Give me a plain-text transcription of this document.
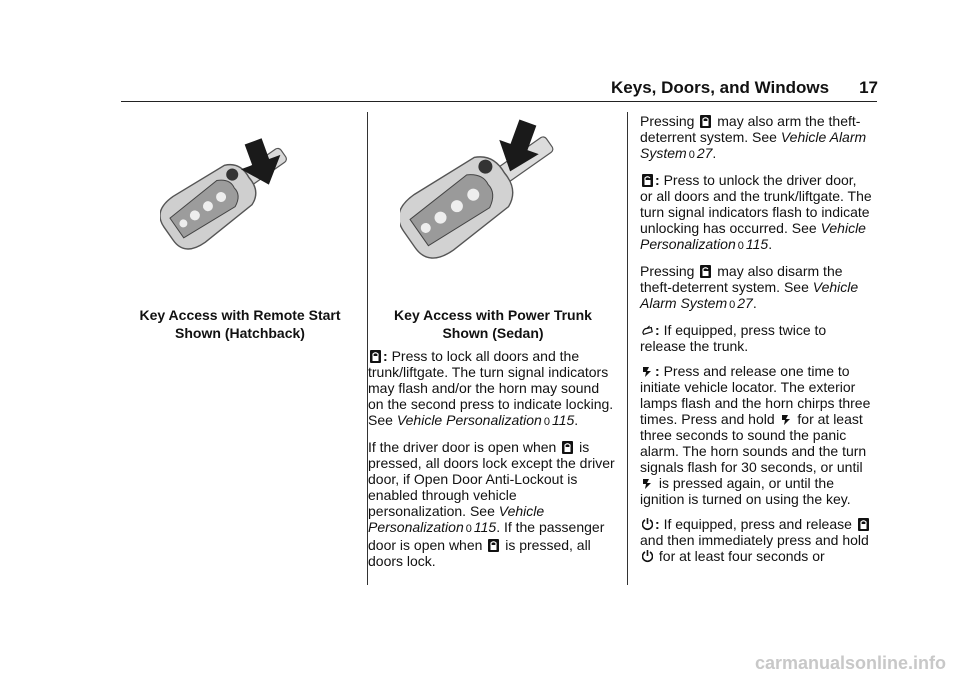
Keys, Doors, and Windows 17
Key Access with Remote Start
Shown (Hatchback)
Key Access with Power Trunk
Shown (Sedan)

: Press to lock all doors and the trunk/liftgate. The turn signal indicators may flash and/or the horn may sound on the second press to indicate locking. See Vehicle Personalization 0 115.

If the driver door is open when is pressed, all doors lock except the driver door, if Open Door Anti-Lockout is enabled through vehicle personalization. See Vehicle Personalization 0 115. If the passenger door is open when is pressed, all doors lock.

Pressing may also arm the theft-deterrent system. See Vehicle Alarm System 0 27.

: Press to unlock the driver door, or all doors and the trunk/liftgate. The turn signal indicators flash to indicate unlocking has occurred. See Vehicle Personalization 0 115.

Pressing may also disarm the theft-deterrent system. See Vehicle Alarm System 0 27.

: If equipped, press twice to release the trunk.

: Press and release one time to initiate vehicle locator. The exterior lamps flash and the horn chirps three times. Press and hold for at least three seconds to sound the panic alarm. The horn sounds and the turn signals flash for 30 seconds, or until
is pressed again, or until the ignition is turned on using the key.

: If equipped, press and release
and then immediately press and hold
for at least four seconds or

carmanualsonline.info
